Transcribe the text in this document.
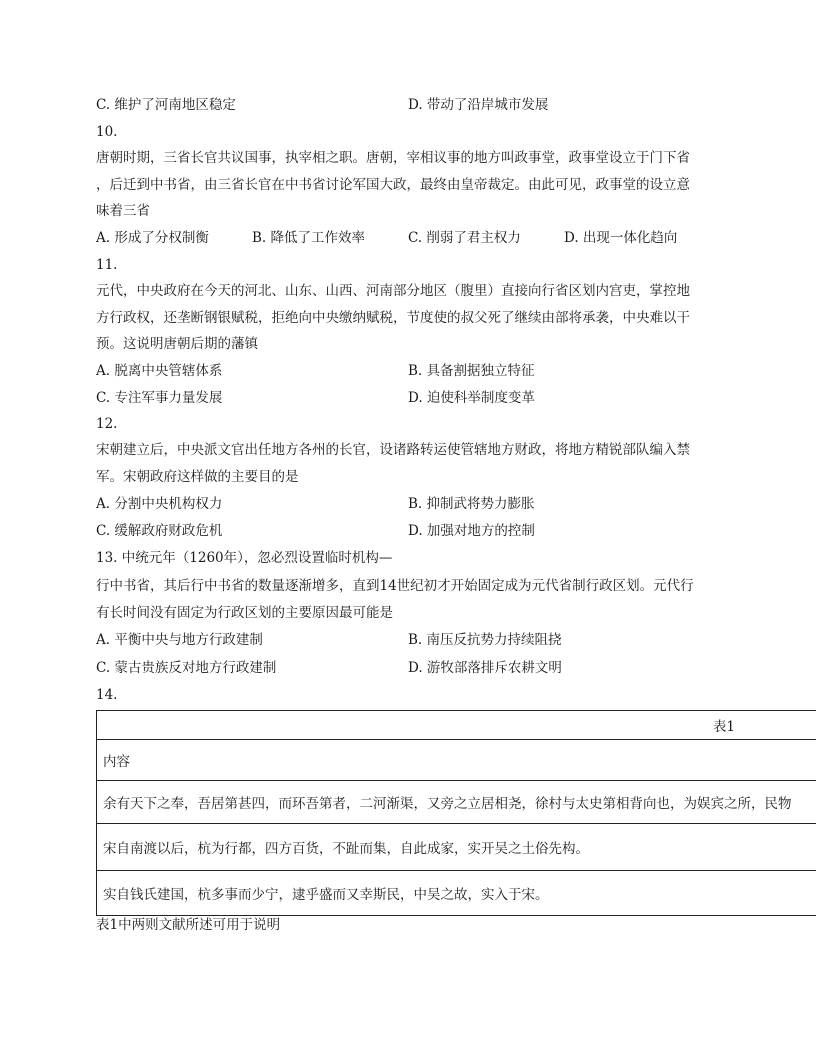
C. 维护了河南地区稳定	D. 带动了沿岸城市发展
10.
唐朝时期，三省长官共议国事，执宰相之职。唐朝，宰相议事的地方叫政事堂，政事堂设立于门下省
，后迁到中书省，由三省长官在中书省讨论军国大政，最终由皇帝裁定。由此可见，政事堂的设立意
味着三省
A. 形成了分权制衡	B. 降低了工作效率	C. 削弱了君主权力	D. 出现一体化趋向
11.
元代，中央政府在今天的河北、山东、山西、河南部分地区（腹里）直接向行省区划内宫吏，掌控地
方行政权，还垄断钢银赋税，拒绝向中央缴纳赋税，节度使的叔父死了继续由部将承袭，中央难以干
预。这说明唐朝后期的藩镇
A. 脱离中央管辖体系	B. 具备割据独立特征
C. 专注军事力量发展	D. 迫使科举制度变革
12.
宋朝建立后，中央派文官出任地方各州的长官，设诸路转运使管辖地方财政，将地方精锐部队编入禁
军。宋朝政府这样做的主要目的是
A. 分割中央机构权力	B. 抑制武将势力膨胀
C. 缓解政府财政危机	D. 加强对地方的控制
13. 中统元年（1260年），忽必烈设置临时机构—
行中书省，其后行中书省的数量逐渐增多，直到14世纪初才开始固定成为元代省制行政区划。元代行
有长时间没有固定为行政区划的主要原因最可能是
A. 平衡中央与地方行政建制	B. 南压反抗势力持续阻挠
C. 蒙古贵族反对地方行政建制	D. 游牧部落排斥农耕文明
14.
表1
内容
余有天下之奉，吾居第甚四，而环吾第者，二河渐渠，又旁之立居相尧，徐村与太史第相背向也，为娱宾之所，民物
宋自南渡以后，杭为行都，四方百货，不趾而集，自此成家，实开吴之土俗先构。
实自钱氏建国，杭多事而少宁，逮乎盛而又幸斯民，中吴之故，实入于宋。
表1中两则文献所述可用于说明
